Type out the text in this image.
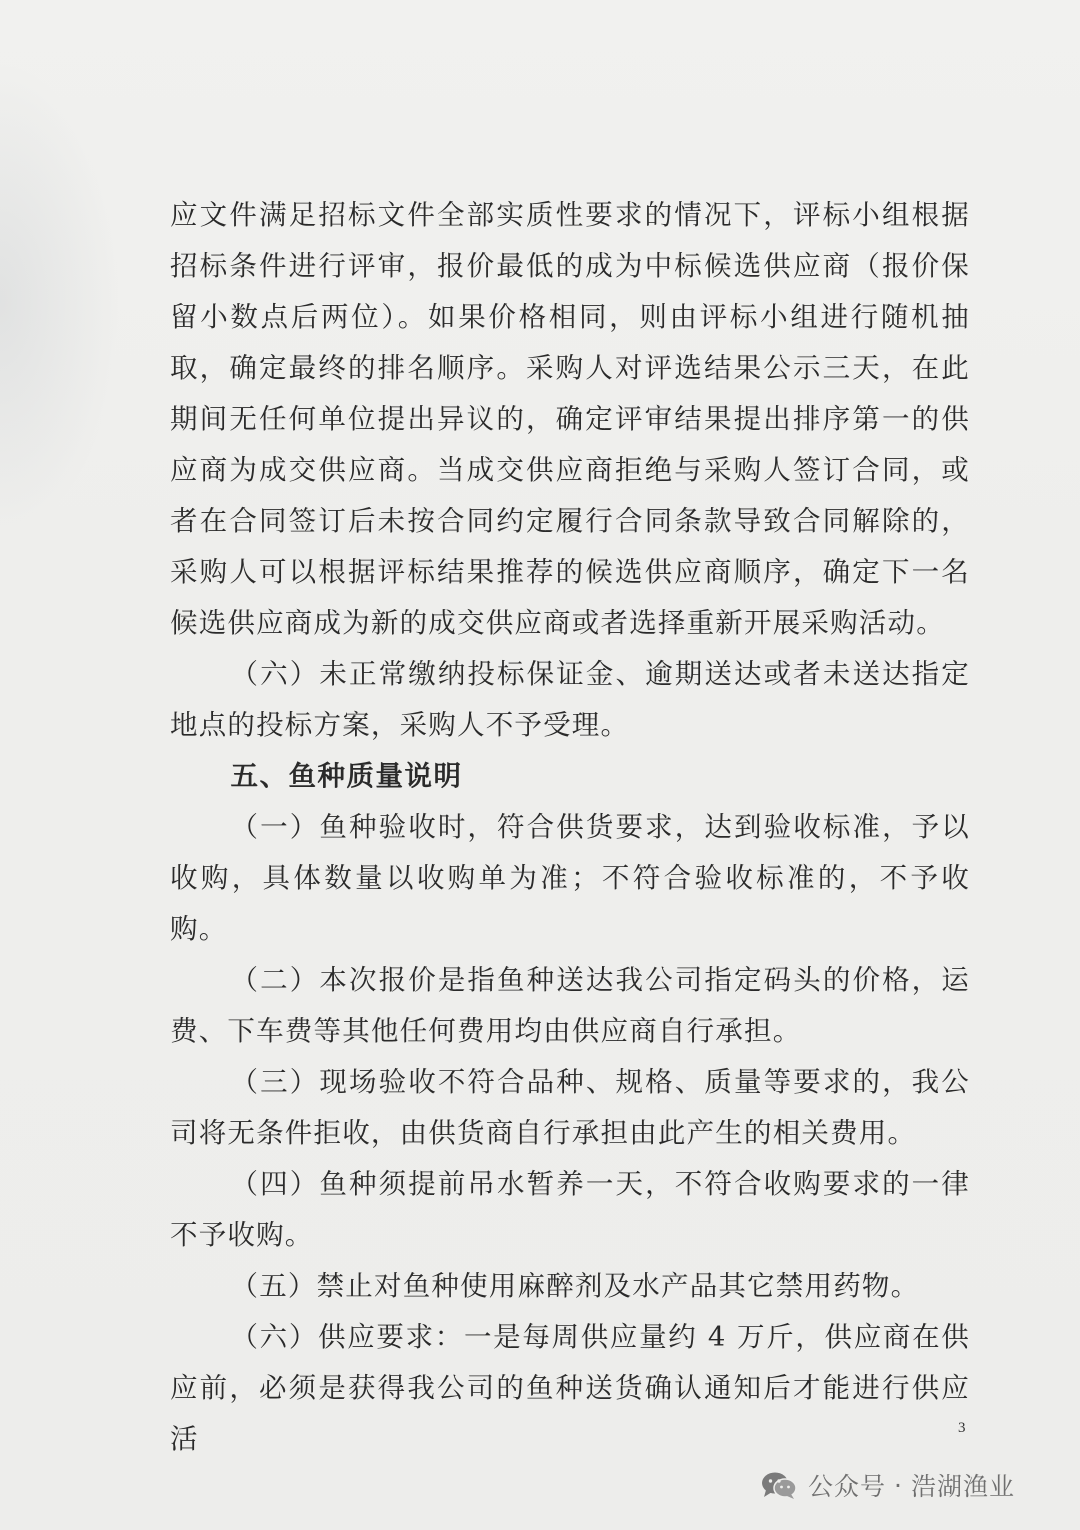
应文件满足招标文件全部实质性要求的情况下，评标小组根据招标条件进行评审，报价最低的成为中标候选供应商（报价保留小数点后两位）。如果价格相同，则由评标小组进行随机抽取，确定最终的排名顺序。采购人对评选结果公示三天，在此期间无任何单位提出异议的，确定评审结果提出排序第一的供应商为成交供应商。当成交供应商拒绝与采购人签订合同，或者在合同签订后未按合同约定履行合同条款导致合同解除的，采购人可以根据评标结果推荐的候选供应商顺序，确定下一名候选供应商成为新的成交供应商或者选择重新开展采购活动。

（六）未正常缴纳投标保证金、逾期送达或者未送达指定地点的投标方案，采购人不予受理。

五、鱼种质量说明

（一）鱼种验收时，符合供货要求，达到验收标准，予以收购，具体数量以收购单为准；不符合验收标准的，不予收购。

（二）本次报价是指鱼种送达我公司指定码头的价格，运费、下车费等其他任何费用均由供应商自行承担。

（三）现场验收不符合品种、规格、质量等要求的，我公司将无条件拒收，由供货商自行承担由此产生的相关费用。

（四）鱼种须提前吊水暂养一天，不符合收购要求的一律不予收购。

（五）禁止对鱼种使用麻醉剂及水产品其它禁用药物。

（六）供应要求：一是每周供应量约 4 万斤，供应商在供应前，必须是获得我公司的鱼种送货确认通知后才能进行供应活	3
公众号 · 浩湖渔业
